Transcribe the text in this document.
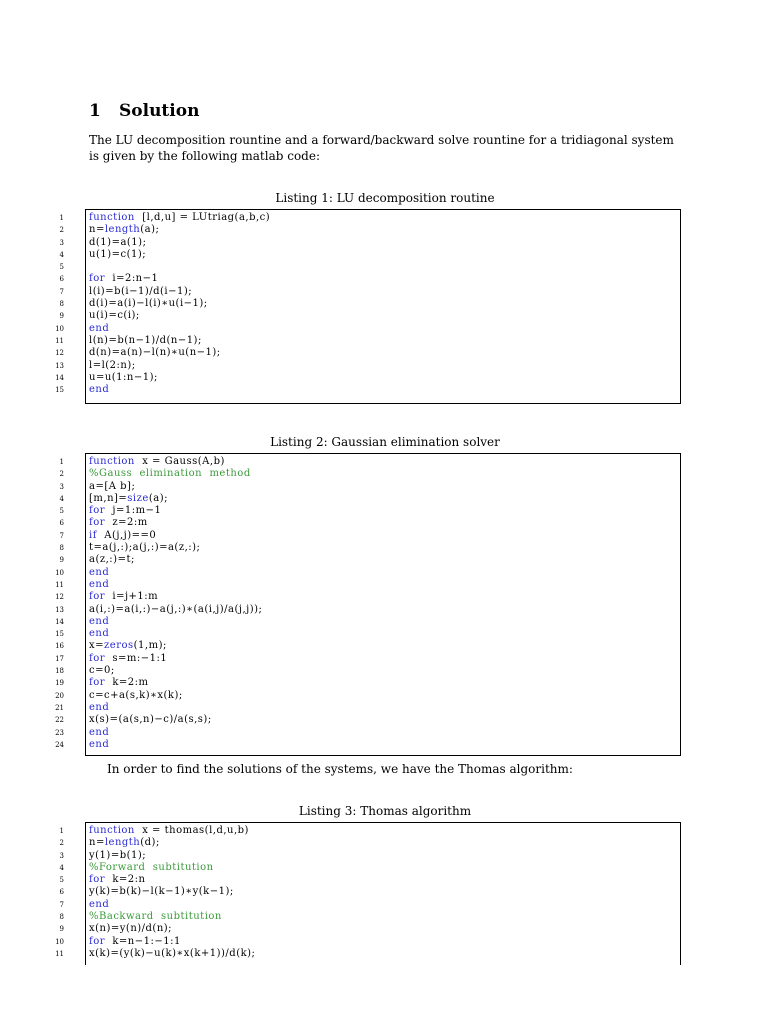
1 Solution

The LU decomposition rountine and a forward/backward solve rountine for a tridiagonal system is given by the following matlab code:

Listing 1: LU decomposition routine
1	function  [l,d,u] = LUtriag(a,b,c)
2	n=length(a);
3	d(1)=a(1);
4	u(1)=c(1);
5
6	for  i=2:n−1
7	l(i)=b(i−1)/d(i−1);
8	d(i)=a(i)−l(i)∗u(i−1);
9	u(i)=c(i);
10	end
11	l(n)=b(n−1)/d(n−1);
12	d(n)=a(n)−l(n)∗u(n−1);
13	l=l(2:n);
14	u=u(1:n−1);
15	end
Listing 2: Gaussian elimination solver
1	function  x = Gauss(A,b)
2	%Gauss  elimination  method
3	a=[A b];
4	[m,n]=size(a);
5	for  j=1:m−1
6	for  z=2:m
7	if  A(j,j)==0
8	t=a(j,:);a(j,:)=a(z,:);
9	a(z,:)=t;
10	end
11	end
12	for  i=j+1:m
13	a(i,:)=a(i,:)−a(j,:)∗(a(i,j)/a(j,j));
14	end
15	end
16	x=zeros(1,m);
17	for  s=m:−1:1
18	c=0;
19	for  k=2:m
20	c=c+a(s,k)∗x(k);
21	end
22	x(s)=(a(s,n)−c)/a(s,s);
23	end
24	end

In order to find the solutions of the systems, we have the Thomas algorithm:

Listing 3: Thomas algorithm
1	function  x = thomas(l,d,u,b)
2	n=length(d);
3	y(1)=b(1);
4	%Forward  subtitution
5	for  k=2:n
6	y(k)=b(k)−l(k−1)∗y(k−1);
7	end
8	%Backward  subtitution
9	x(n)=y(n)/d(n);
10	for  k=n−1:−1:1
11	x(k)=(y(k)−u(k)∗x(k+1))/d(k);
